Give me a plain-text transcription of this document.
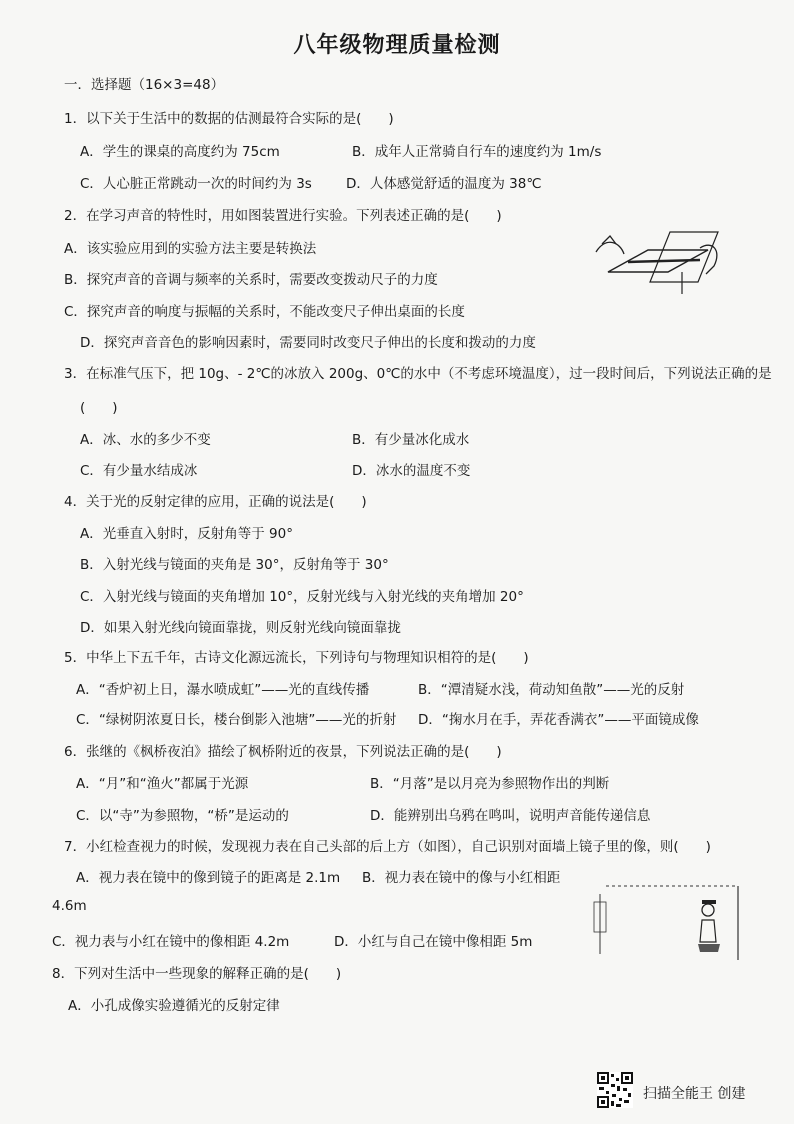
八年级物理质量检测
一．选择题（16×3=48）
1．以下关于生活中的数据的估测最符合实际的是(　　)
A．学生的课桌的高度约为 75cm	B．成年人正常骑自行车的速度约为 1m/s
C．人心脏正常跳动一次的时间约为 3s	D．人体感觉舒适的温度为 38℃
2．在学习声音的特性时，用如图装置进行实验。下列表述正确的是(　　)
A．该实验应用到的实验方法主要是转换法
B．探究声音的音调与频率的关系时，需要改变拨动尺子的力度
C．探究声音的响度与振幅的关系时，不能改变尺子伸出桌面的长度
D．探究声音音色的影响因素时，需要同时改变尺子伸出的长度和拨动的力度
3．在标准气压下，把 10g、- 2℃的冰放入 200g、0℃的水中（不考虑环境温度），过一段时间后，下列说法正确的是
(　　)
A．冰、水的多少不变	B．有少量冰化成水
C．有少量水结成冰	D．冰水的温度不变
4．关于光的反射定律的应用，正确的说法是(　　)
A．光垂直入射时，反射角等于 90°
B．入射光线与镜面的夹角是 30°，反射角等于 30°
C．入射光线与镜面的夹角增加 10°，反射光线与入射光线的夹角增加 20°
D．如果入射光线向镜面靠拢，则反射光线向镜面靠拢
5．中华上下五千年，古诗文化源远流长，下列诗句与物理知识相符的是(　　)
A．“香炉初上日，瀑水喷成虹”——光的直线传播	B．“潭清疑水浅，荷动知鱼散”——光的反射
C．“绿树阴浓夏日长，楼台倒影入池塘”——光的折射 D．“掬水月在手，弄花香满衣”——平面镜成像
6．张继的《枫桥夜泊》描绘了枫桥附近的夜景，下列说法正确的是(　　)
A．“月”和“渔火”都属于光源	B．“月落”是以月亮为参照物作出的判断
C．以“寺”为参照物，“桥”是运动的	D．能辨别出乌鸦在鸣叫，说明声音能传递信息
7．小红检查视力的时候，发现视力表在自己头部的后上方（如图），自己识别对面墙上镜子里的像，则(　　)
A．视力表在镜中的像到镜子的距离是 2.1m B．视力表在镜中的像与小红相距
4.6m
C．视力表与小红在镜中的像相距 4.2m	D．小红与自己在镜中像相距 5m
8．下列对生活中一些现象的解释正确的是(　　)
A．小孔成像实验遵循光的反射定律
扫描全能王 创建
